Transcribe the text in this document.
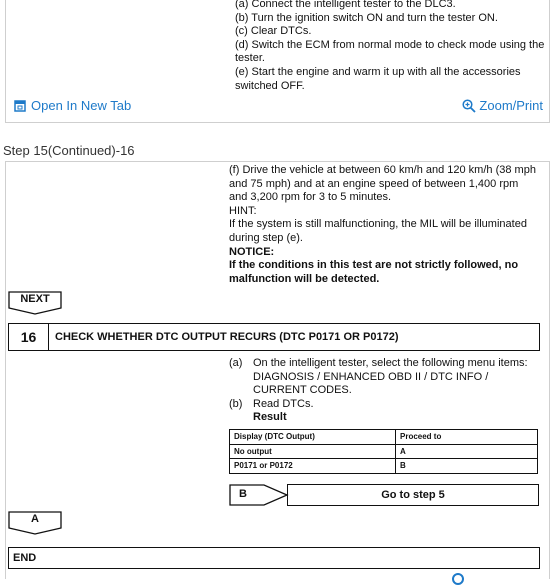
(a) Connect the intelligent tester to the DLC3.

(b) Turn the ignition switch ON and turn the tester ON.

(c) Clear DTCs.

(d) Switch the ECM from normal mode to check mode using the tester.

(e) Start the engine and warm it up with all the accessories switched OFF.

Open In New Tab	Zoom/Print
Step 15(Continued)-16

(f) Drive the vehicle at between 60 km/h and 120 km/h (38 mph and 75 mph) and at an engine speed of between 1,400 rpm and 3,200 rpm for 3 to 5 minutes.

HINT:

If the system is still malfunctioning, the MIL will be illuminated during step (e).

NOTICE:

If the conditions in this test are not strictly followed, no malfunction will be detected.

NEXT
16	CHECK WHETHER DTC OUTPUT RECURS (DTC P0171 OR P0172)
(a) On the intelligent tester, select the following menu items: DIAGNOSIS / ENHANCED OBD II / DTC INFO / CURRENT CODES.
(b) Read DTCs.
Result
Display (DTC Output)	Proceed to
No output	A
P0171 or P0172	B
B	Go to step 5
A
END
